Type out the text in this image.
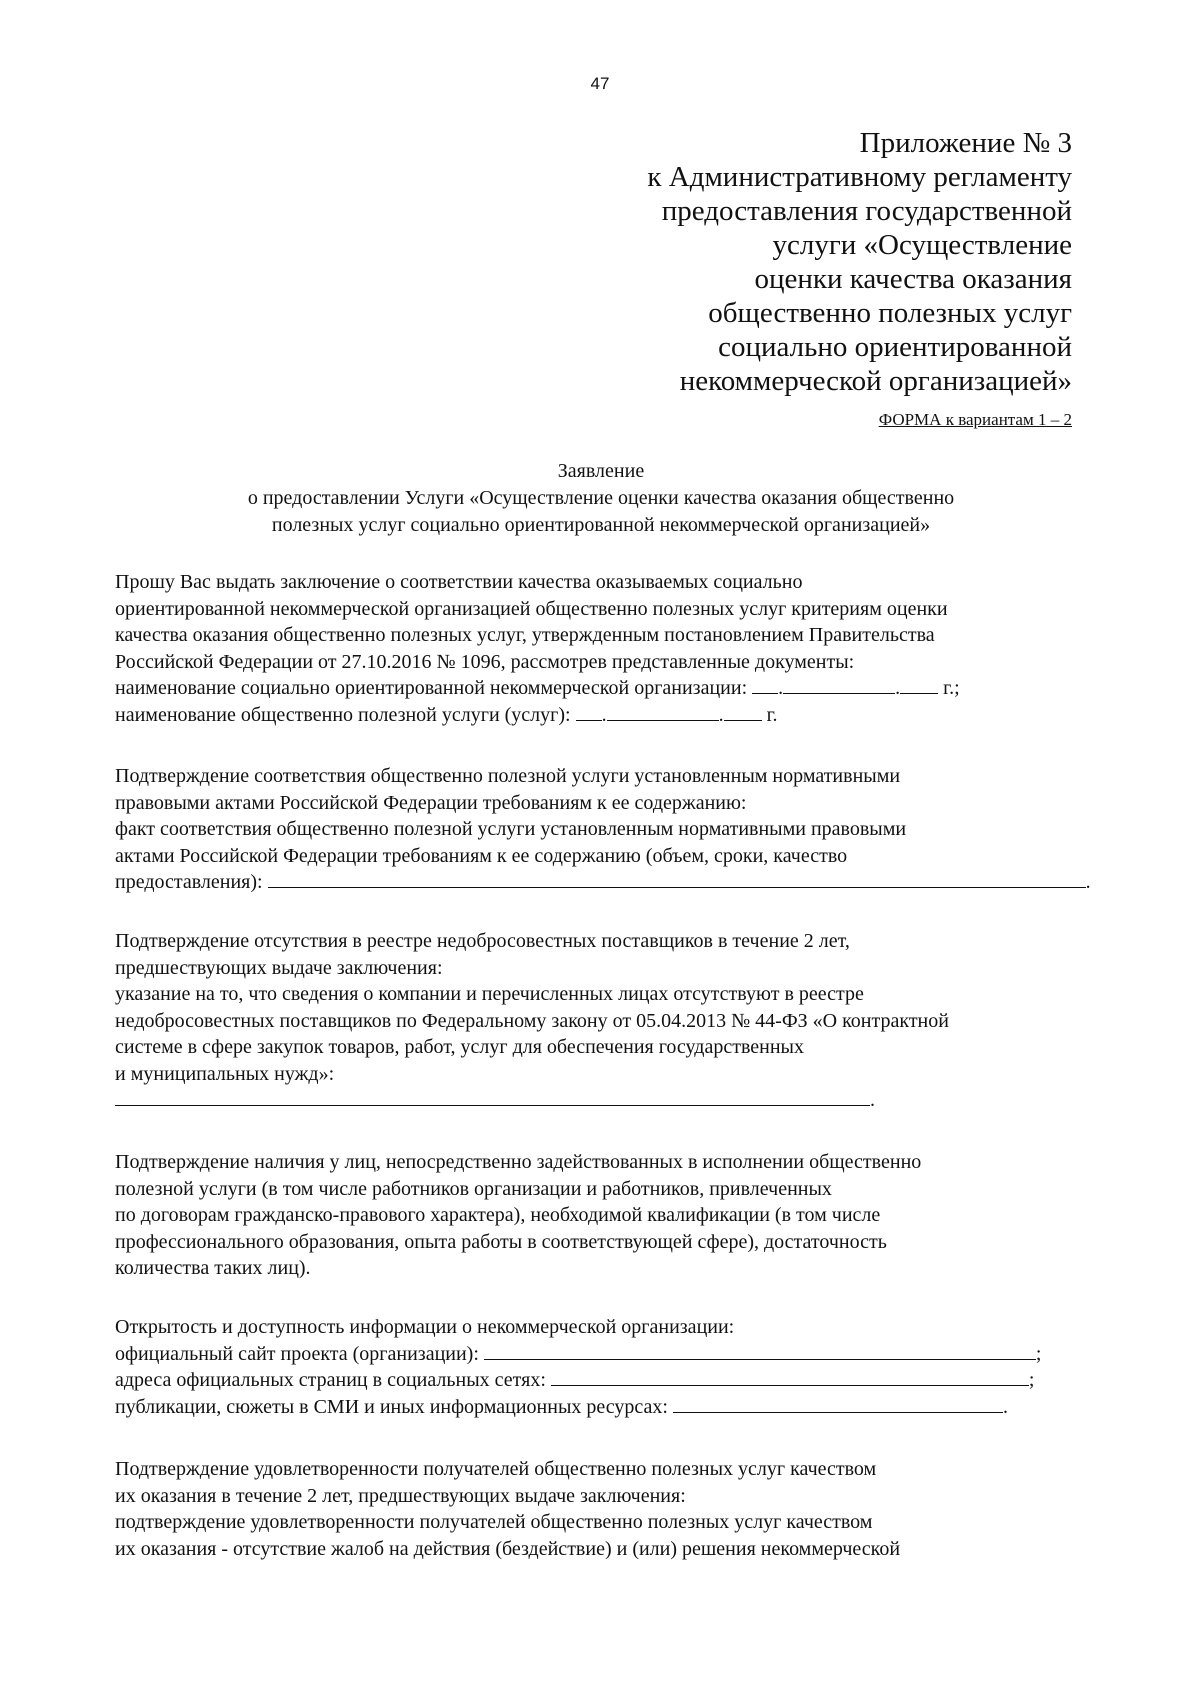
47
Приложение № 3
к Административному регламенту
предоставления государственной
услуги «Осуществление
оценки качества оказания
общественно полезных услуг
социально ориентированной
некоммерческой организацией»
ФОРМА к вариантам 1 – 2
Заявление
о предоставлении Услуги «Осуществление оценки качества оказания общественно
полезных услуг социально ориентированной некоммерческой организацией»
Прошу Вас выдать заключение о соответствии качества оказываемых социально
ориентированной некоммерческой организацией общественно полезных услуг критериям оценки
качества оказания общественно полезных услуг, утвержденным постановлением Правительства
Российской Федерации от 27.10.2016 № 1096, рассмотрев представленные документы:
наименование социально ориентированной некоммерческой организации: .	. г.;
наименование общественно полезной услуги (услуг): .	. г.
Подтверждение соответствия общественно полезной услуги установленным нормативными
правовыми актами Российской Федерации требованиям к ее содержанию:
факт соответствия общественно полезной услуги установленным нормативными правовыми
актами Российской Федерации требованиям к ее содержанию (объем, сроки, качество
предоставления):	.
Подтверждение отсутствия в реестре недобросовестных поставщиков в течение 2 лет,
предшествующих выдаче заключения:
указание на то, что сведения о компании и перечисленных лицах отсутствуют в реестре
недобросовестных поставщиков по Федеральному закону от 05.04.2013 № 44-ФЗ «О контрактной
системе в сфере закупок товаров, работ, услуг для обеспечения государственных
и муниципальных нужд»:
.
Подтверждение наличия у лиц, непосредственно задействованных в исполнении общественно
полезной услуги (в том числе работников организации и работников, привлеченных
по договорам гражданско-правового характера), необходимой квалификации (в том числе
профессионального образования, опыта работы в соответствующей сфере), достаточность
количества таких лиц).
Открытость и доступность информации о некоммерческой организации:
официальный сайт проекта (организации):	;
адреса официальных страниц в социальных сетях:	;
публикации, сюжеты в СМИ и иных информационных ресурсах:	.
Подтверждение удовлетворенности получателей общественно полезных услуг качеством
их оказания в течение 2 лет, предшествующих выдаче заключения:
подтверждение удовлетворенности получателей общественно полезных услуг качеством
их оказания - отсутствие жалоб на действия (бездействие) и (или) решения некоммерческой
